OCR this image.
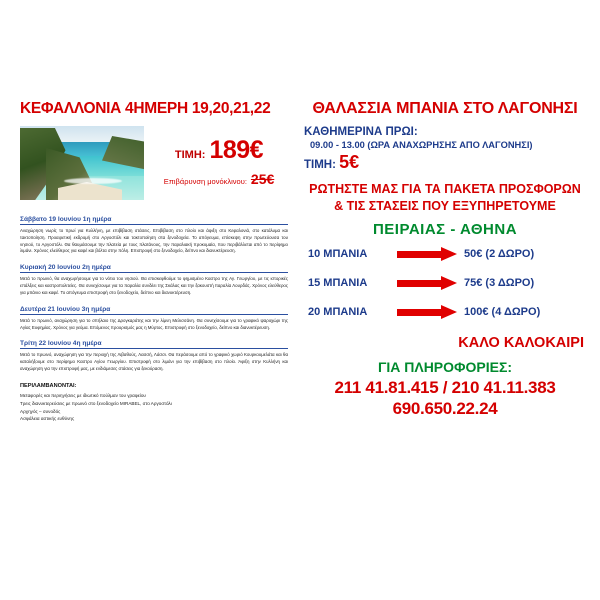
ΚΕΦΑΛΛΟΝΙΑ 4ΗΜΕΡΗ 19,20,21,22
ΤΙΜΗ: 189€
Επιβάρυνση μονόκλινου: 25€
Σάββατο 19 Ιουνίου 1η ημέρα
Αναχώρηση νωρίς το πρωί για Κυλλήνη, με επιβίβαση στάσεις. Επιβίβαση στο πλοίο και άφιξη στο Κεφαλονιά, στο κατάλυμα και τακτοποίηση. Προαιρετική εκδρομή στο Αργοστόλι και τακτοποίηση στα ξενοδοχεία. Το απόγευμα, επίσκεψη στην πρωτεύουσα του νησιού, το Αργοστόλι. Θα θαυμάσουμε την πλατεία με τους πλατάνους, την παραλιακή προκυμαία, που περιβάλλεται από το περίφημο λιμάνι. Χρόνος ελεύθερος για καφέ και βόλτα στην πόλη. Επιστροφή στο ξενοδοχείο, δείπνο και διανυκτέρευση.
Κυριακή 20 Ιουνίου 2η ημέρα
Μετά το πρωινό, θα αναχωρήσουμε για το νότιο του νησιού. Θα επισκεφθούμε το φημισμένο Καστρο της Αγ. Γεωργίου, με τις ιστορικές επάλξεις και καστροπολιτείες. Θα συνεχίσουμε για τα παραλία συνδέει της Σκάλας και την ξακουστή παραλία Λουρδάς. Χρόνος ελεύθερος για μπάνιο και καφέ. Το απόγευμα επιστροφή στο ξενοδοχείο, δείπνο και διανυκτέρευση.
Δευτέρα 21 Ιουνίου 3η ημέρα
Μετά το πρωινό, αναχώρηση για το σπήλαιο της Δρογκαράτης και την λίμνη Μελισσάνη. Θα συνεχίσουμε για το γραφικό ψαροχώρι της Αγίας Ευφημίας. Χρόνος για γεύμα. Επόμενος προορισμός μας η Μύρτος. Επιστροφή στο ξενοδοχείο, δείπνο και διανυκτέρευση.
Τρίτη 22 Ιουνίου 4η ημέρα
Μετά το πρωινό, αναχώρηση για την περιοχή της Λιβαθούς, Λασσή, Λάσσι. Θα περάσουμε από το γραφικό χωριό Κουρκουμελάτα και θα καταλήξουμε στο περίφημο Καστρο Αγίου Γεωργίου. Επιστροφή στο λιμάνι για την επιβίβαση στο πλοίο. Άφιξη στην Κυλλήνη και αναχώρηση για την επιστροφή μας, με ενδιάμεσες στάσεις για ξεκούραση.
ΠΕΡΙΛΑΜΒΑΝΟΝΤΑΙ:
Μεταφορές και περιηγήσεις με ιδιωτικό πούλμαν του γραφείου
Τρεις διανυκτερεύσεις με πρωινό στο ξενοδοχείο MIRABEL, στο Αργοστόλι
Αρχηγός – συνοδός
Ασφάλεια αστικής ευθύνης
ΘΑΛΑΣΣΙΑ ΜΠΑΝΙΑ ΣΤΟ ΛΑΓΟΝΗΣΙ
ΚΑΘΗΜΕΡΙΝΑ ΠΡΩΙ:
09.00 - 13.00 (ΩΡΑ ΑΝΑΧΩΡΗΣΗΣ ΑΠΟ ΛΑΓΟΝΗΣΙ)
ΤΙΜΗ: 5€
ΡΩΤΗΣΤΕ ΜΑΣ ΓΙΑ ΤΑ ΠΑΚΕΤΑ ΠΡΟΣΦΟΡΩΝ
& ΤΙΣ ΣΤΑΣΕΙΣ ΠΟΥ ΕΞΥΠΗΡΕΤΟΥΜΕ
ΠΕΙΡΑΙΑΣ - ΑΘΗΝΑ
10 ΜΠΑΝΙΑ	50€ (2 ΔΩΡΟ)
15 ΜΠΑΝΙΑ	75€ (3 ΔΩΡΟ)
20 ΜΠΑΝΙΑ	100€ (4 ΔΩΡΟ)
ΚΑΛΟ ΚΑΛΟΚΑΙΡΙ
ΓΙΑ ΠΛΗΡΟΦΟΡΙΕΣ:
211 41.81.415 / 210 41.11.383
690.650.22.24
